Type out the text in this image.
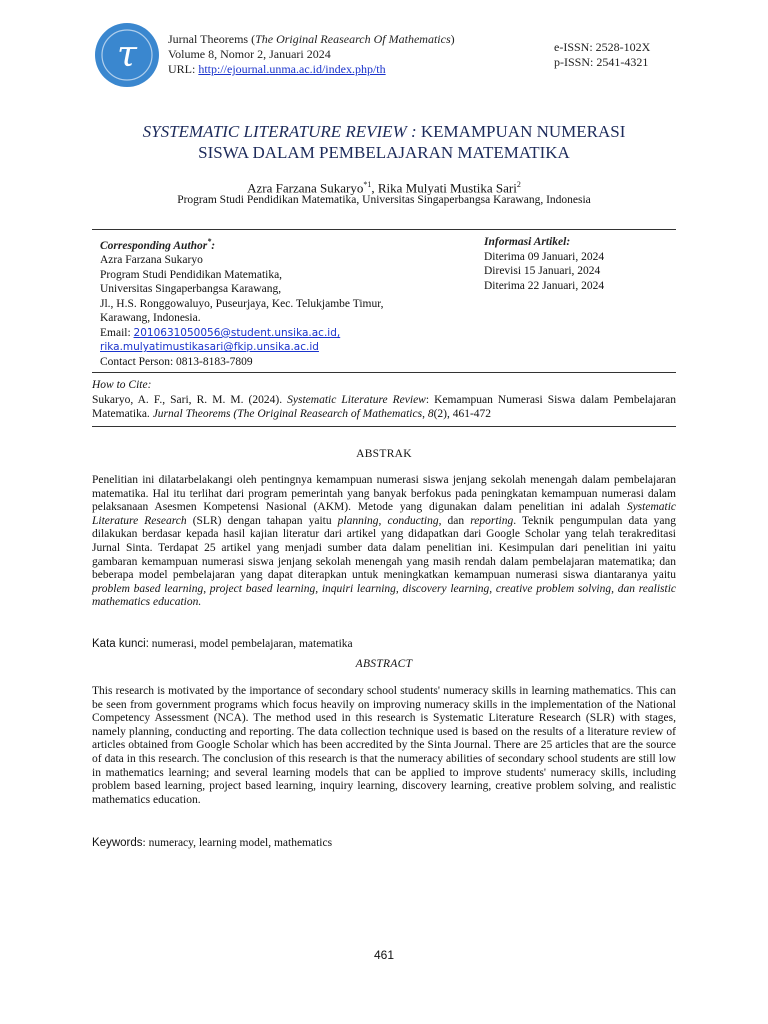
τ	Jurnal Theorems (The Original Reasearch Of Mathematics)
Volume 8, Nomor 2, Januari 2024
URL: http://ejournal.unma.ac.id/index.php/th
e-ISSN: 2528-102X
p-ISSN: 2541-4321
SYSTEMATIC LITERATURE REVIEW : KEMAMPUAN NUMERASI
SISWA DALAM PEMBELAJARAN MATEMATIKA
Azra Farzana Sukaryo$^{*1}$, Rika Mulyati Mustika Sari$^2$
Program Studi Pendidikan Matematika, Universitas Singaperbangsa Karawang, Indonesia
Corresponding Author*:
Azra Farzana Sukaryo
Program Studi Pendidikan Matematika,
Universitas Singaperbangsa Karawang,
Jl., H.S. Ronggowaluyo, Puseurjaya, Kec. Telukjambe Timur,
Karawang, Indonesia.
Email: 2010631050056@student.unsika.ac.id,
rika.mulyatimustikasari@fkip.unsika.ac.id
Contact Person: 0813-8183-7809
Informasi Artikel:
Diterima 09 Januari, 2024
Direvisi 15 Januari, 2024
Diterima 22 Januari, 2024
How to Cite:
Sukaryo, A. F., Sari, R. M. M. (2024). Systematic Literature Review: Kemampuan Numerasi Siswa dalam Pembelajaran Matematika. Jurnal Theorems (The Original Reasearch of Mathematics, 8(2), 461-472
ABSTRAK
Penelitian ini dilatarbelakangi oleh pentingnya kemampuan numerasi siswa jenjang sekolah menengah dalam pembelajaran matematika. Hal itu terlihat dari program pemerintah yang banyak berfokus pada peningkatan kemampuan numerasi dalam pelaksanaan Asesmen Kompetensi Nasional (AKM). Metode yang digunakan dalam penelitian ini adalah Systematic Literature Research (SLR) dengan tahapan yaitu planning, conducting, dan reporting. Teknik pengumpulan data yang dilakukan berdasar kepada hasil kajian literatur dari artikel yang didapatkan dari Google Scholar yang telah terakreditasi Jurnal Sinta. Terdapat 25 artikel yang menjadi sumber data dalam penelitian ini. Kesimpulan dari penelitian ini yaitu gambaran kemampuan numerasi siswa jenjang sekolah menengah yang masih rendah dalam pembelajaran matematika; dan beberapa model pembelajaran yang dapat diterapkan untuk meningkatkan kemampuan numerasi siswa diantaranya yaitu problem based learning, project based learning, inquiri learning, discovery learning, creative problem solving, dan realistic mathematics education.
Kata kunci: numerasi, model pembelajaran, matematika
ABSTRACT
This research is motivated by the importance of secondary school students' numeracy skills in learning mathematics. This can be seen from government programs which focus heavily on improving numeracy skills in the implementation of the National Competency Assessment (NCA). The method used in this research is Systematic Literature Research (SLR) with stages, namely planning, conducting and reporting. The data collection technique used is based on the results of a literature review of articles obtained from Google Scholar which has been accredited by the Sinta Journal. There are 25 articles that are the source of data in this research. The conclusion of this research is that the numeracy abilities of secondary school students are still low in mathematics learning; and several learning models that can be applied to improve students' numeracy skills, including problem based learning, project based learning, inquiry learning, discovery learning, creative problem solving, and realistic mathematics education.
Keywords: numeracy, learning model, mathematics
461
